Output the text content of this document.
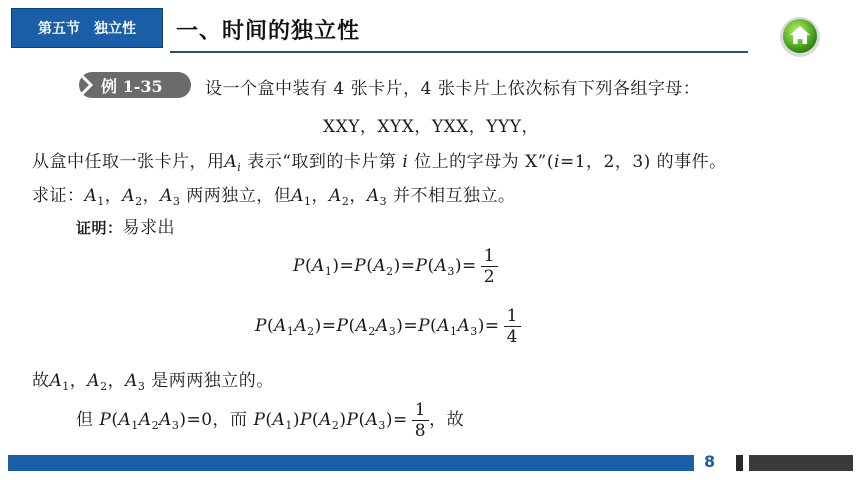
第五节　独立性	一、时间的独立性
例 1-35 设一个盒中装有 4 张卡片，4 张卡片上依次标有下列各组字母：
XXY，XYX，YXX，YYY，
从盒中任取一张卡片，用$A_i$ 表示“取到的卡片第 i 位上的字母为 X”(i=1，2，3) 的事件。
求证：$A_1$，$A_2$，$A_3$ 两两独立，但$A_1$，$A_2$，$A_3$ 并不相互独立。
证明：易求出
$P(A_1)=P(A_2)=P(A_3)= \frac{1}{2}$
$P(A_1A_2)=P(A_2A_3)=P(A_1A_3)= \frac{1}{4}$
故$A_1$，$A_2$，$A_3$ 是两两独立的。
但 $P(A_1A_2A_3)=0$，而 $P(A_1)P(A_2)P(A_3)= \frac{1}{8}$ ，故
8
